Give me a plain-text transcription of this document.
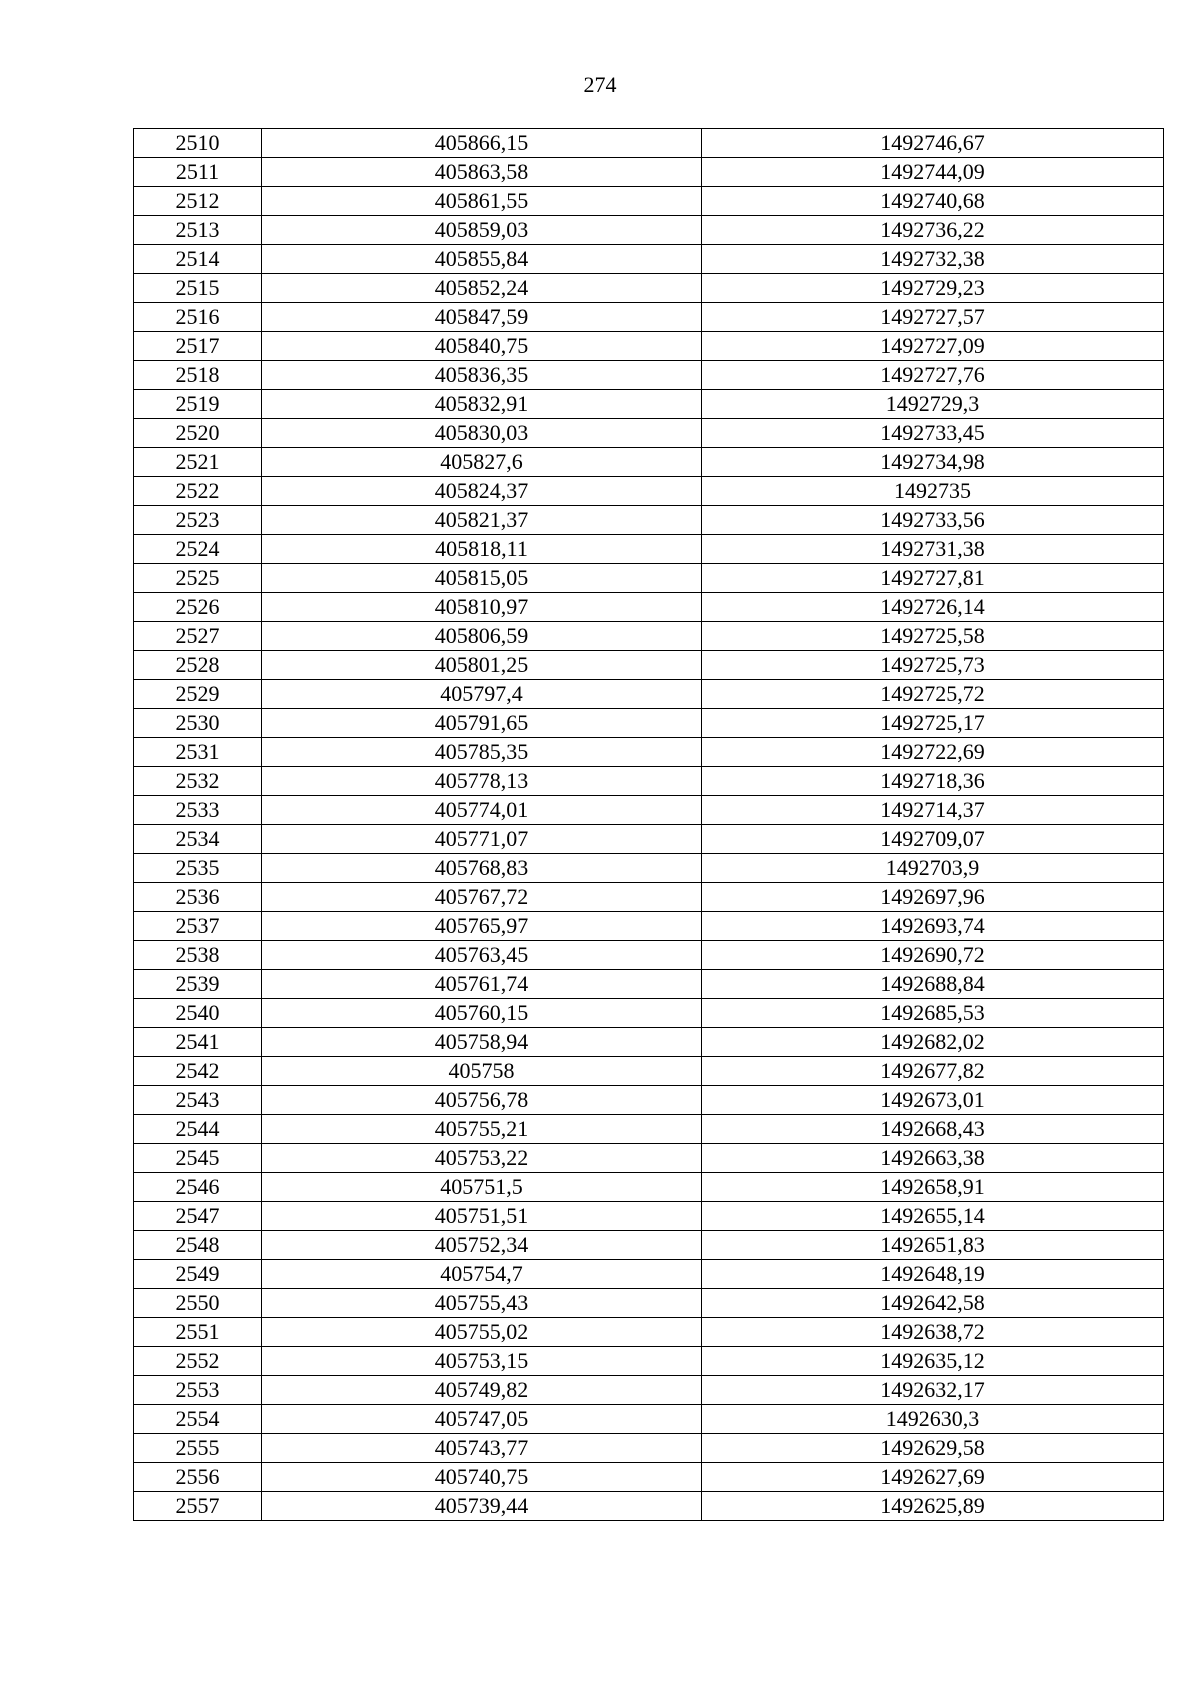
274
2510	405866,15	1492746,67
2511	405863,58	1492744,09
2512	405861,55	1492740,68
2513	405859,03	1492736,22
2514	405855,84	1492732,38
2515	405852,24	1492729,23
2516	405847,59	1492727,57
2517	405840,75	1492727,09
2518	405836,35	1492727,76
2519	405832,91	1492729,3
2520	405830,03	1492733,45
2521	405827,6	1492734,98
2522	405824,37	1492735
2523	405821,37	1492733,56
2524	405818,11	1492731,38
2525	405815,05	1492727,81
2526	405810,97	1492726,14
2527	405806,59	1492725,58
2528	405801,25	1492725,73
2529	405797,4	1492725,72
2530	405791,65	1492725,17
2531	405785,35	1492722,69
2532	405778,13	1492718,36
2533	405774,01	1492714,37
2534	405771,07	1492709,07
2535	405768,83	1492703,9
2536	405767,72	1492697,96
2537	405765,97	1492693,74
2538	405763,45	1492690,72
2539	405761,74	1492688,84
2540	405760,15	1492685,53
2541	405758,94	1492682,02
2542	405758	1492677,82
2543	405756,78	1492673,01
2544	405755,21	1492668,43
2545	405753,22	1492663,38
2546	405751,5	1492658,91
2547	405751,51	1492655,14
2548	405752,34	1492651,83
2549	405754,7	1492648,19
2550	405755,43	1492642,58
2551	405755,02	1492638,72
2552	405753,15	1492635,12
2553	405749,82	1492632,17
2554	405747,05	1492630,3
2555	405743,77	1492629,58
2556	405740,75	1492627,69
2557	405739,44	1492625,89
